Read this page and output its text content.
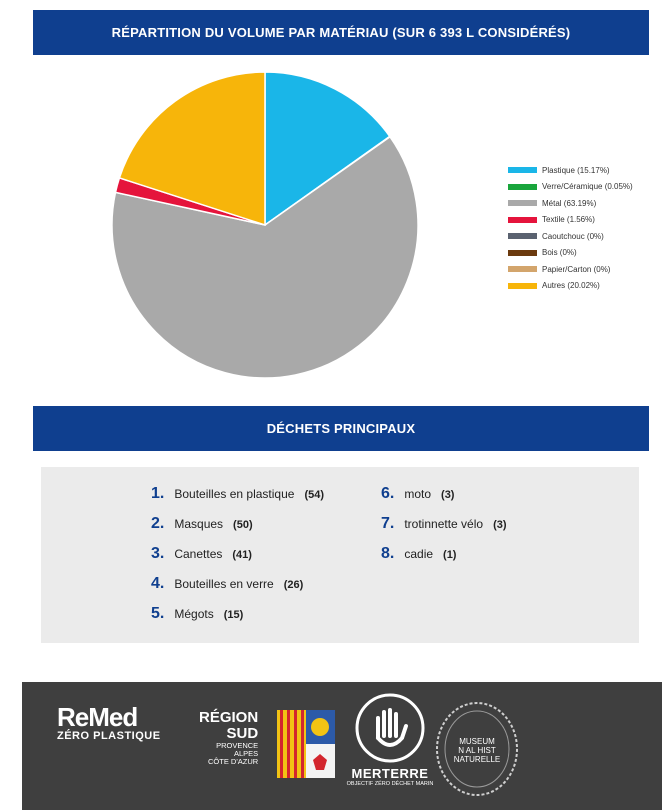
RÉPARTITION DU VOLUME PAR MATÉRIAU (SUR 6 393 L CONSIDÉRÉS)
Plastique (15.17%)
Verre/Céramique (0.05%)
Métal (63.19%)
Textile (1.56%)
Caoutchouc (0%)
Bois (0%)
Papier/Carton (0%)
Autres (20.02%)
DÉCHETS PRINCIPAUX
1. Bouteilles en plastique (54)
2. Masques (50)
3. Canettes (41)
4. Bouteilles en verre (26)
5. Mégots (15)
6. moto (3)
7. trotinnette vélo (3)
8. cadie (1)
ReMed
ZÉRO PLASTIQUE
RÉGION
SUD
PROVENCE
ALPES
CÔTE D'AZUR
MERTERRE
OBJECTIF ZÉRO DÉCHET MARIN
MUSEUM
N AL HIST
NATURELLE
